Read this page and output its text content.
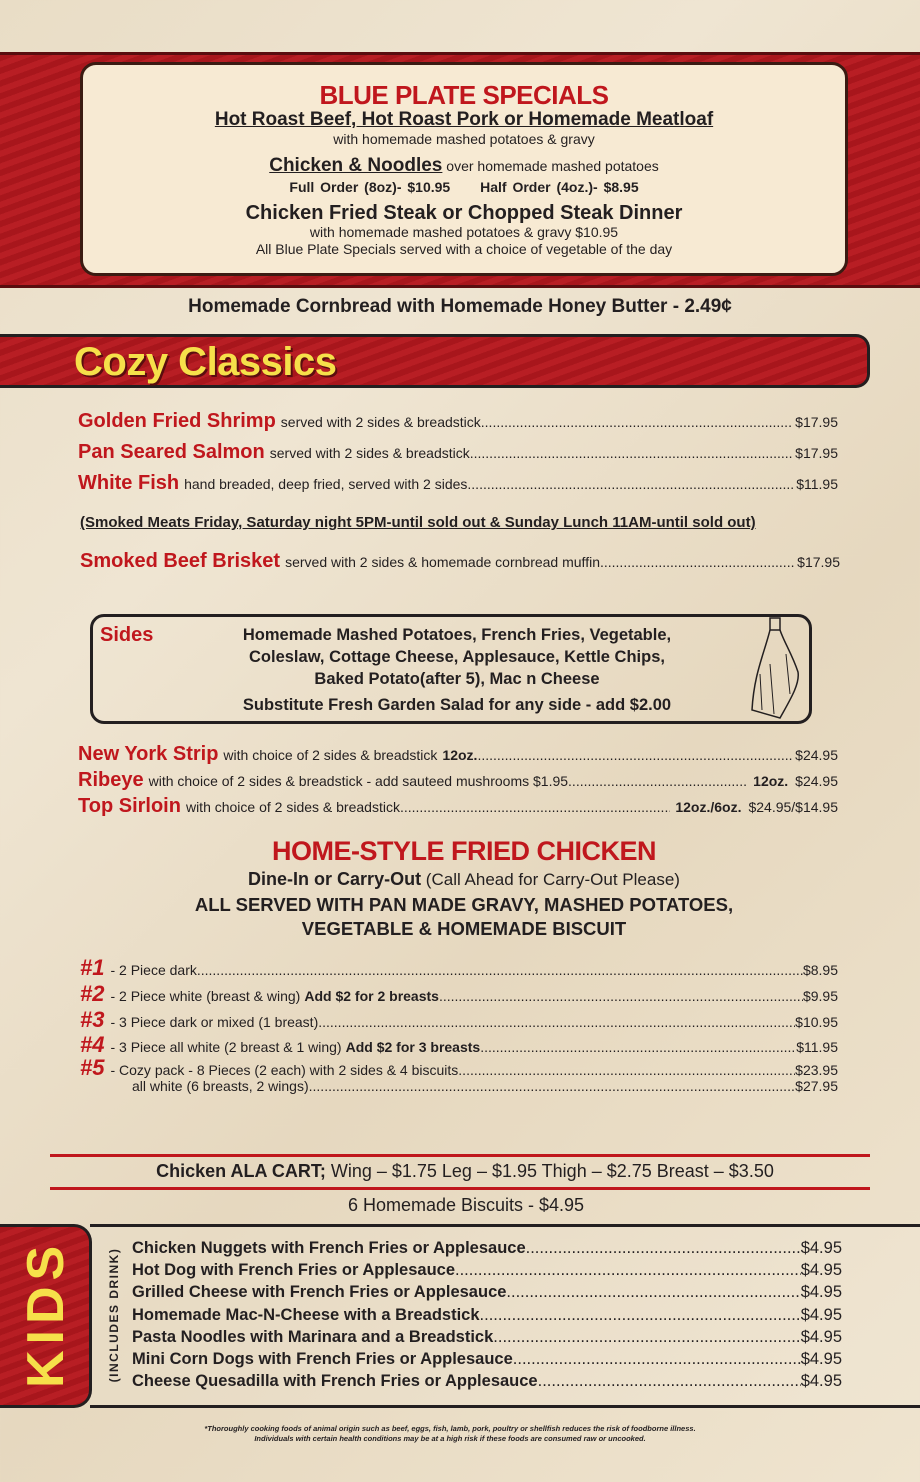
BLUE PLATE SPECIALS
Hot Roast Beef, Hot Roast Pork or Homemade Meatloaf
with homemade mashed potatoes & gravy
Chicken & Noodles over homemade mashed potatoes
Full Order (8oz)- $10.95 Half Order (4oz.)- $8.95
Chicken Fried Steak or Chopped Steak Dinner
with homemade mashed potatoes & gravy $10.95
All Blue Plate Specials served with a choice of vegetable of the day
Homemade Cornbread with Homemade Honey Butter - 2.49¢
Cozy Classics
Golden Fried Shrimp served with 2 sides & breadstick .....	$17.95
Pan Seared Salmon served with 2 sides & breadstick .....	$17.95
White Fish hand breaded, deep fried, served with 2 sides .....	$11.95
(Smoked Meats Friday, Saturday night 5PM-until sold out & Sunday Lunch 11AM-until sold out)
Smoked Beef Brisket served with 2 sides & homemade cornbread muffin .....	$17.95
Sides	Homemade Mashed Potatoes, French Fries, Vegetable, Coleslaw, Cottage Cheese, Applesauce, Kettle Chips, Baked Potato(after 5), Mac n Cheese
Substitute Fresh Garden Salad for any side - add $2.00
New York Strip with choice of 2 sides & breadstick 12oz. .....	$24.95
Ribeye with choice of 2 sides & breadstick - add sauteed mushrooms $1.95 .....	12oz. $24.95
Top Sirloin with choice of 2 sides & breadstick .....	12oz./6oz. $24.95/$14.95
HOME-STYLE FRIED CHICKEN
Dine-In or Carry-Out (Call Ahead for Carry-Out Please)
ALL SERVED WITH PAN MADE GRAVY, MASHED POTATOES, VEGETABLE & HOMEMADE BISCUIT
#1 - 2 Piece dark .....	$8.95
#2 - 2 Piece white (breast & wing) Add $2 for 2 breasts .....	$9.95
#3 - 3 Piece dark or mixed (1 breast) .....	$10.95
#4 - 3 Piece all white (2 breast & 1 wing) Add $2 for 3 breasts .....	$11.95
#5 - Cozy pack - 8 Pieces (2 each) with 2 sides & 4 biscuits .....	$23.95
all white (6 breasts, 2 wings) .....	$27.95
Chicken ALA CART; Wing – $1.75 Leg – $1.95 Thigh – $2.75 Breast – $3.50
6 Homemade Biscuits - $4.95
KIDS	(INCLUDES DRINK) Chicken Nuggets with French Fries or Applesauce .....	$4.95
Hot Dog with French Fries or Applesauce .....	$4.95
Grilled Cheese with French Fries or Applesauce .....	$4.95
Homemade Mac-N-Cheese with a Breadstick .....	$4.95
Pasta Noodles with Marinara and a Breadstick .....	$4.95
Mini Corn Dogs with French Fries or Applesauce .....	$4.95
Cheese Quesadilla with French Fries or Applesauce .....	$4.95
*Thoroughly cooking foods of animal origin such as beef, eggs, fish, lamb, pork, poultry or shellfish reduces the risk of foodborne illness.
Individuals with certain health conditions may be at a high risk if these foods are consumed raw or uncooked.
